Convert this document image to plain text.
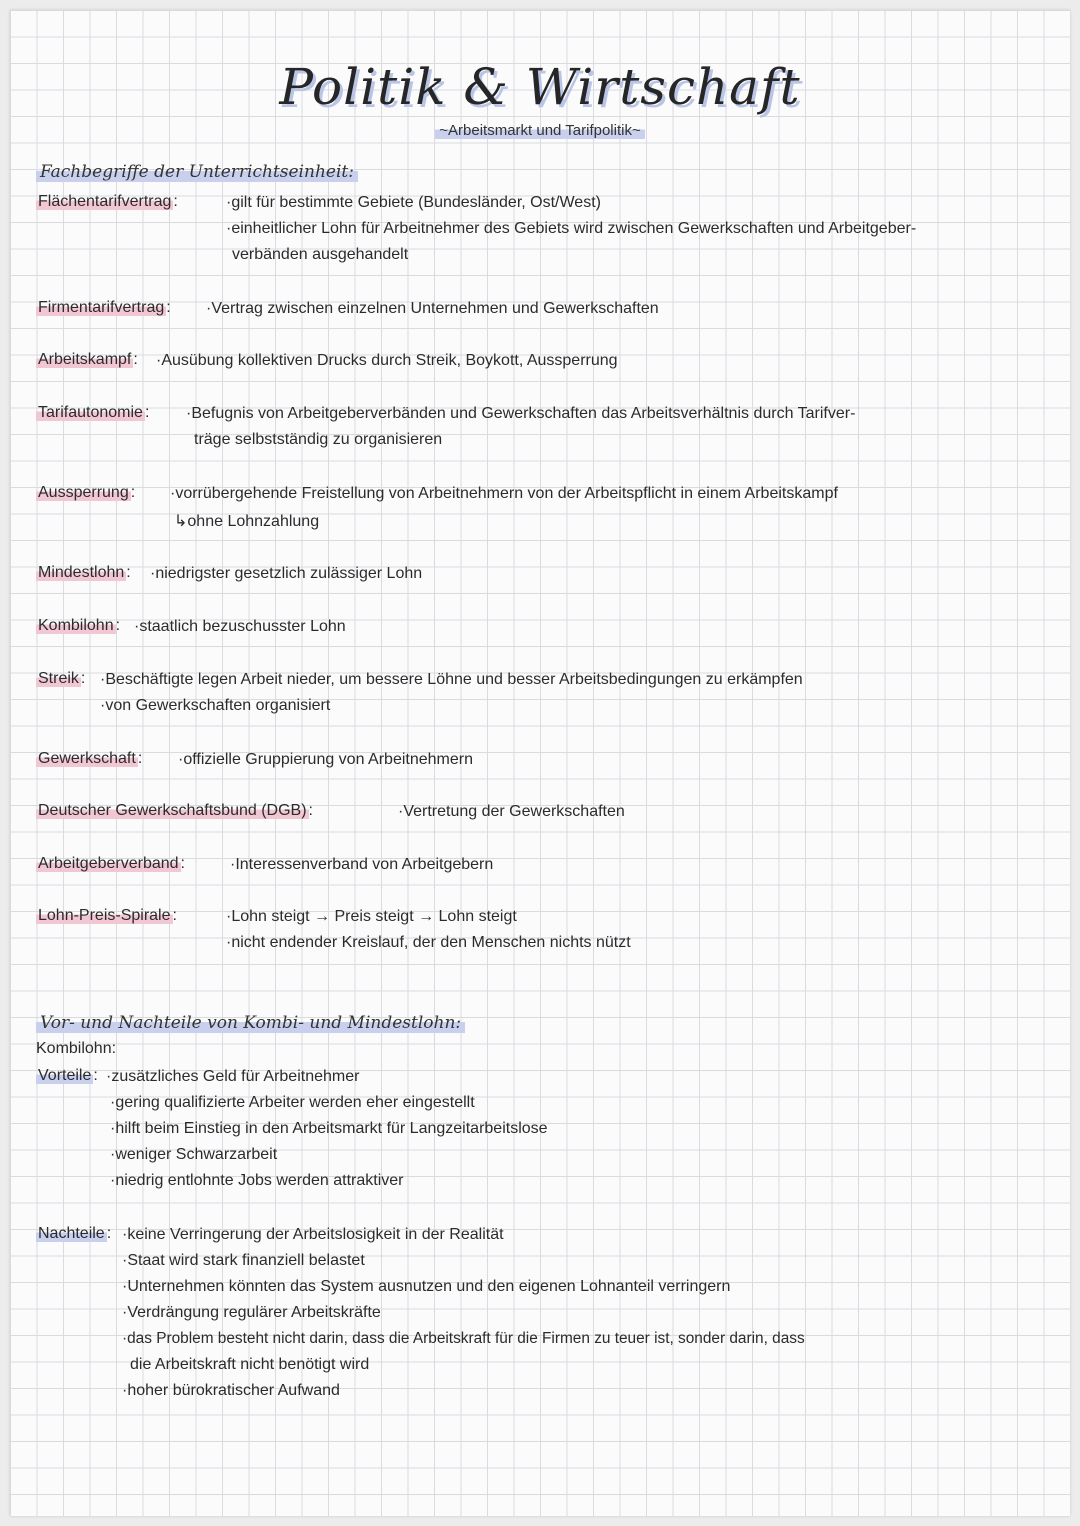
Politik & Wirtschaft
~Arbeitsmarkt und Tarifpolitik~
Fachbegriffe der Unterrichtseinheit:
Flächentarifvertrag :	·gilt für bestimmte Gebiete (Bundesländer, Ost/West)
·einheitlicher Lohn für Arbeitnehmer des Gebiets wird zwischen Gewerkschaften und Arbeitgeber-
verbänden ausgehandelt
Firmentarifvertrag : ·Vertrag zwischen einzelnen Unternehmen und Gewerkschaften
Arbeitskampf : ·Ausübung kollektiven Drucks durch Streik, Boykott, Aussperrung
Tarifautonomie : ·Befugnis von Arbeitgeberverbänden und Gewerkschaften das Arbeitsverhältnis durch Tarifver-
träge selbstständig zu organisieren
Aussperrung : ·vorrübergehende Freistellung von Arbeitnehmern von der Arbeitspflicht in einem Arbeitskampf
↳ohne Lohnzahlung
Mindestlohn : ·niedrigster gesetzlich zulässiger Lohn
Kombilohn : ·staatlich bezuschusster Lohn
Streik : ·Beschäftigte legen Arbeit nieder, um bessere Löhne und besser Arbeitsbedingungen zu erkämpfen
·von Gewerkschaften organisiert
Gewerkschaft : ·offizielle Gruppierung von Arbeitnehmern
Deutscher Gewerkschaftsbund (DGB) :	·Vertretung der Gewerkschaften
Arbeitgeberverband :	·Interessenverband von Arbeitgebern
Lohn-Preis-Spirale :	·Lohn steigt → Preis steigt → Lohn steigt
·nicht endender Kreislauf, der den Menschen nichts nützt
Vor- und Nachteile von Kombi- und Mindestlohn:
Kombilohn:
Vorteile : ·zusätzliches Geld für Arbeitnehmer
·gering qualifizierte Arbeiter werden eher eingestellt
·hilft beim Einstieg in den Arbeitsmarkt für Langzeitarbeitslose
·weniger Schwarzarbeit
·niedrig entlohnte Jobs werden attraktiver
Nachteile : ·keine Verringerung der Arbeitslosigkeit in der Realität
·Staat wird stark finanziell belastet
·Unternehmen könnten das System ausnutzen und den eigenen Lohnanteil verringern
·Verdrängung regulärer Arbeitskräfte
·das Problem besteht nicht darin, dass die Arbeitskraft für die Firmen zu teuer ist, sonder darin, dass
die Arbeitskraft nicht benötigt wird
·hoher bürokratischer Aufwand
